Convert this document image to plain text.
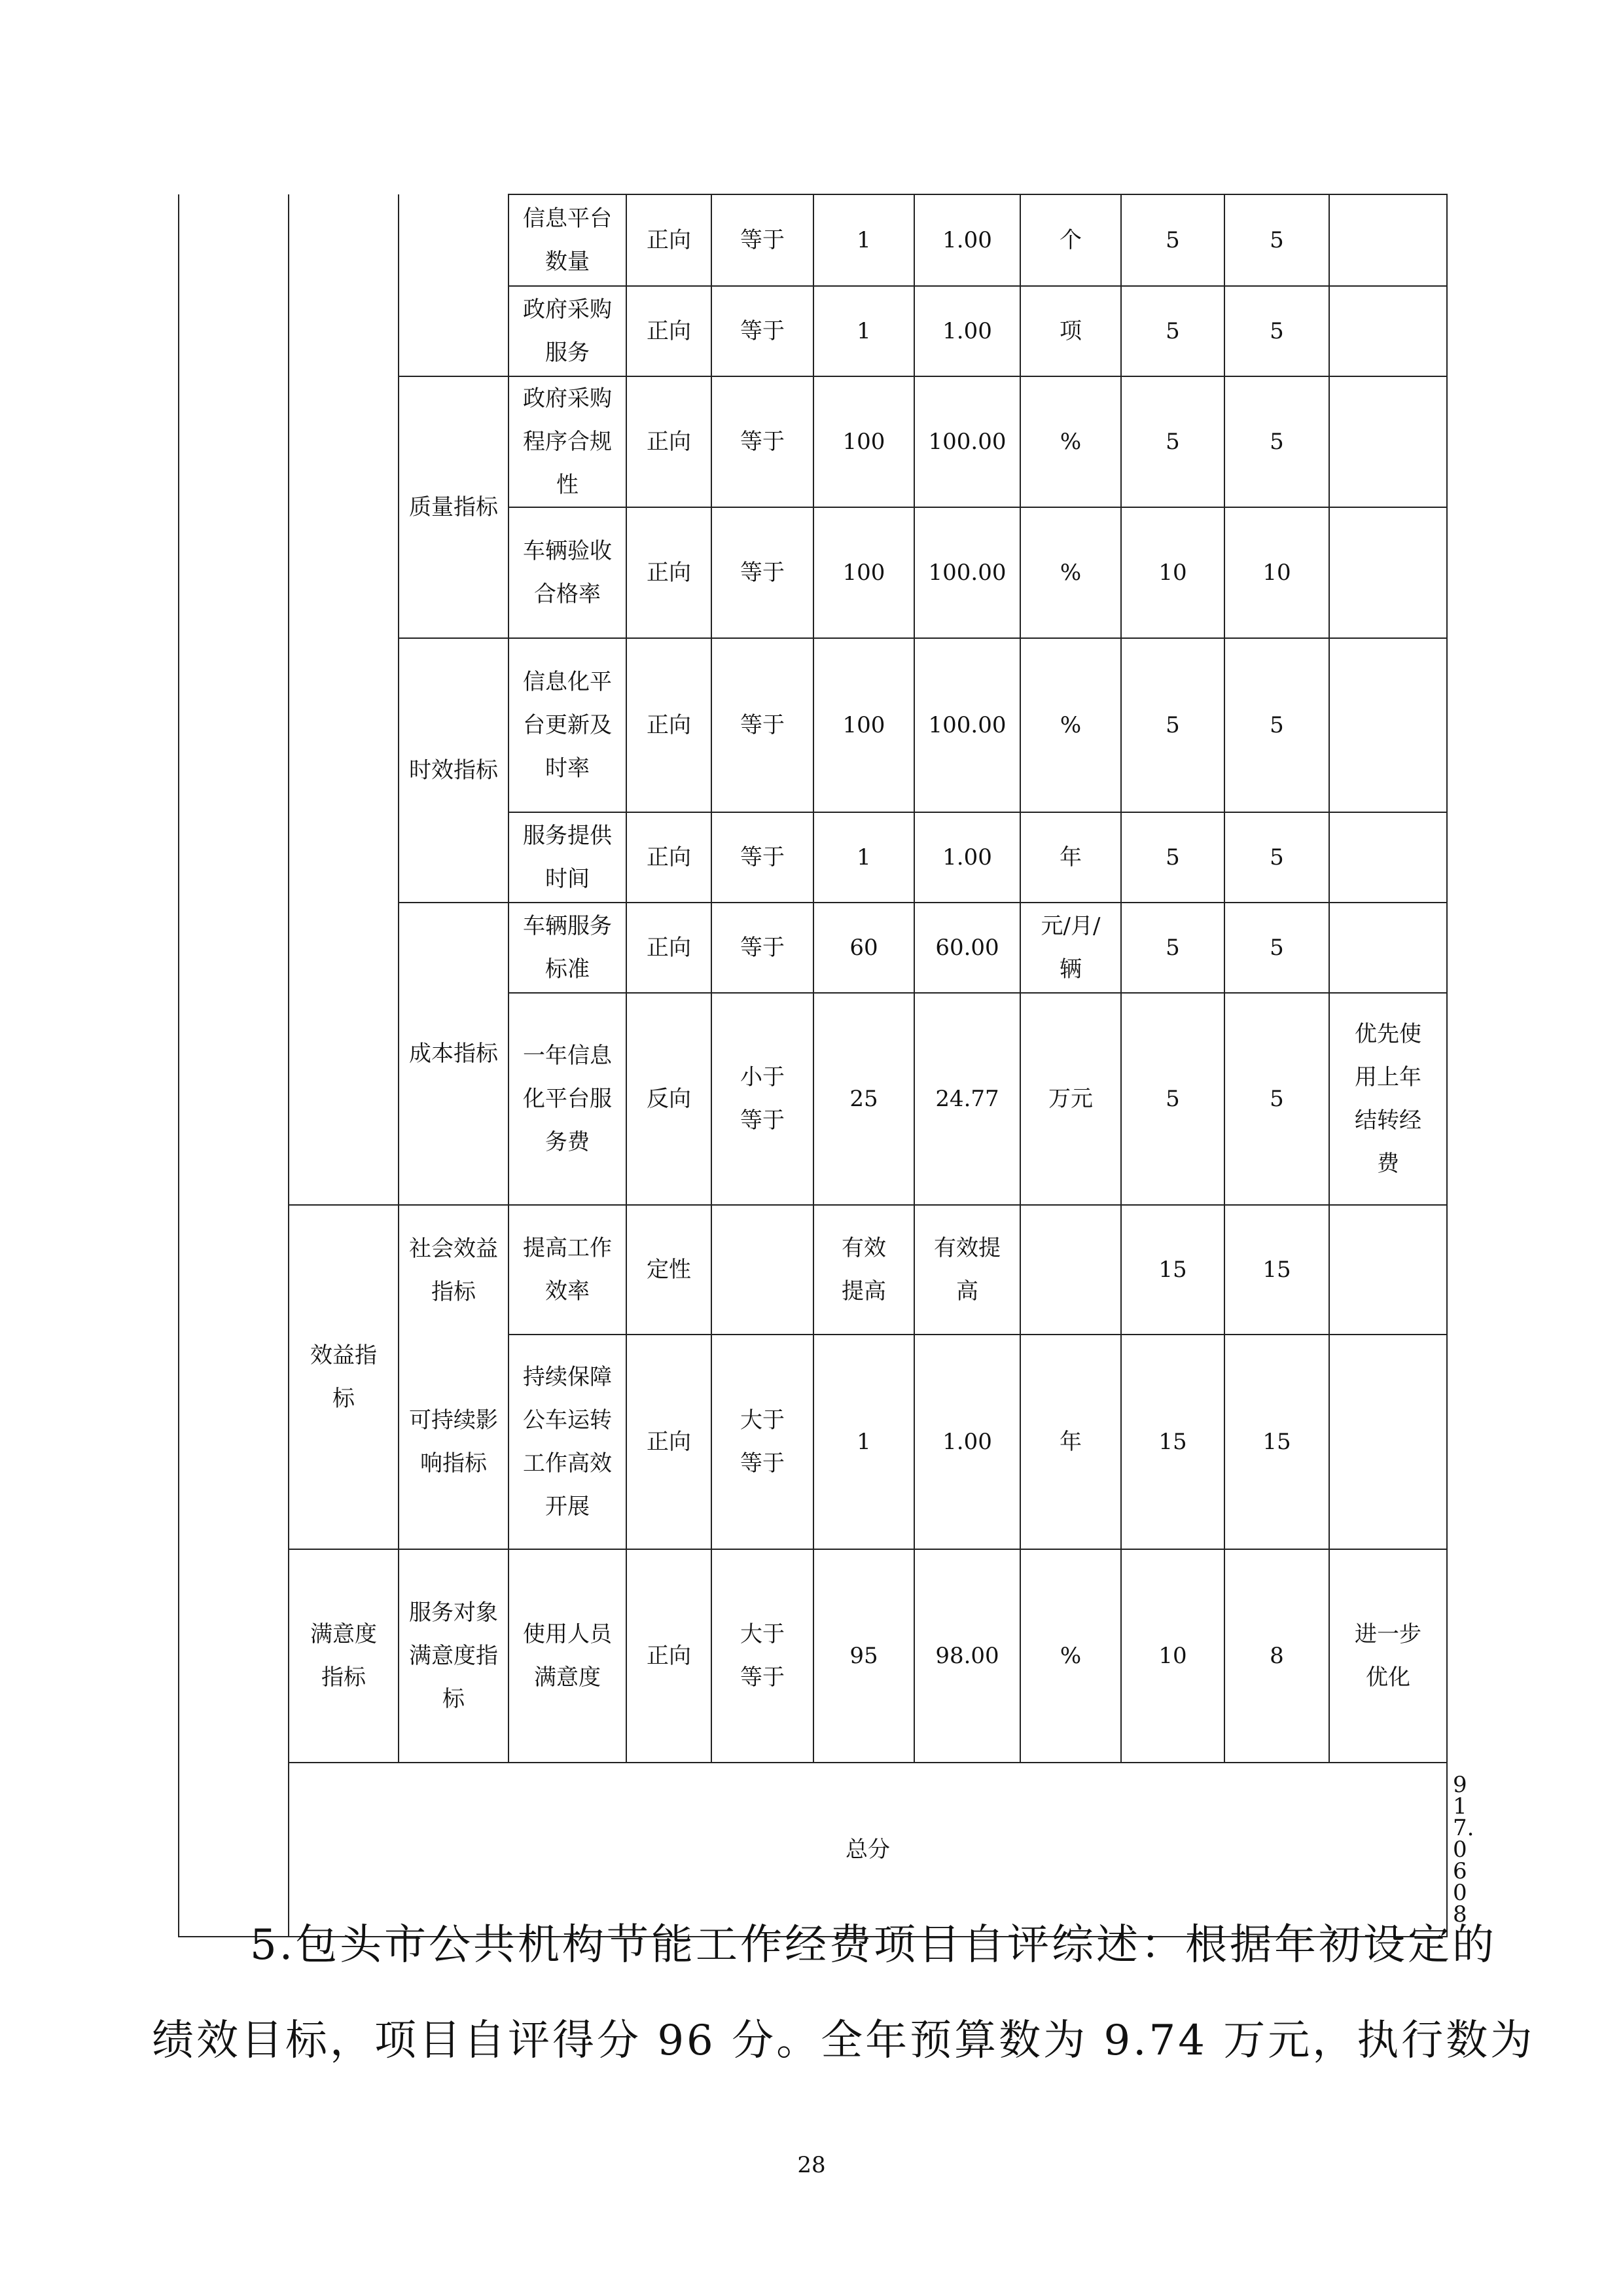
			信息平台数量	正向	等于	1	1.00	个	5	5		
			政府采购服务	正向	等于	1	1.00	项	5	5		
		质量指标	政府采购程序合规性	正向	等于	100	100.00	%	5	5		
			车辆验收合格率	正向	等于	100	100.00	%	10	10		
		时效指标	信息化平台更新及时率	正向	等于	100	100.00	%	5	5		
			服务提供时间	正向	等于	1	1.00	年	5	5		
		成本指标	车辆服务标准	正向	等于	60	60.00	元/月/辆	5	5		
			一年信息化平台服务费	反向	小于等于	25	24.77	万元	5	5	优先使用上年结转经费	
	效益指标	社会效益指标	提高工作效率	定性		有效提高	有效提高		15	15		
		可持续影响指标	持续保障公车运转工作高效开展	正向	大于等于	1	1.00	年	15	15		
	满意度指标	服务对象满意度指标	使用人员满意度	正向	大于等于	95	98.00	%	10	8	进一步优化	
	总分											100	97.68	
5.包头市公共机构节能工作经费项目自评综述：根据年初设定的
绩效目标，项目自评得分 96 分。全年预算数为 9.74 万元，执行数为
28
